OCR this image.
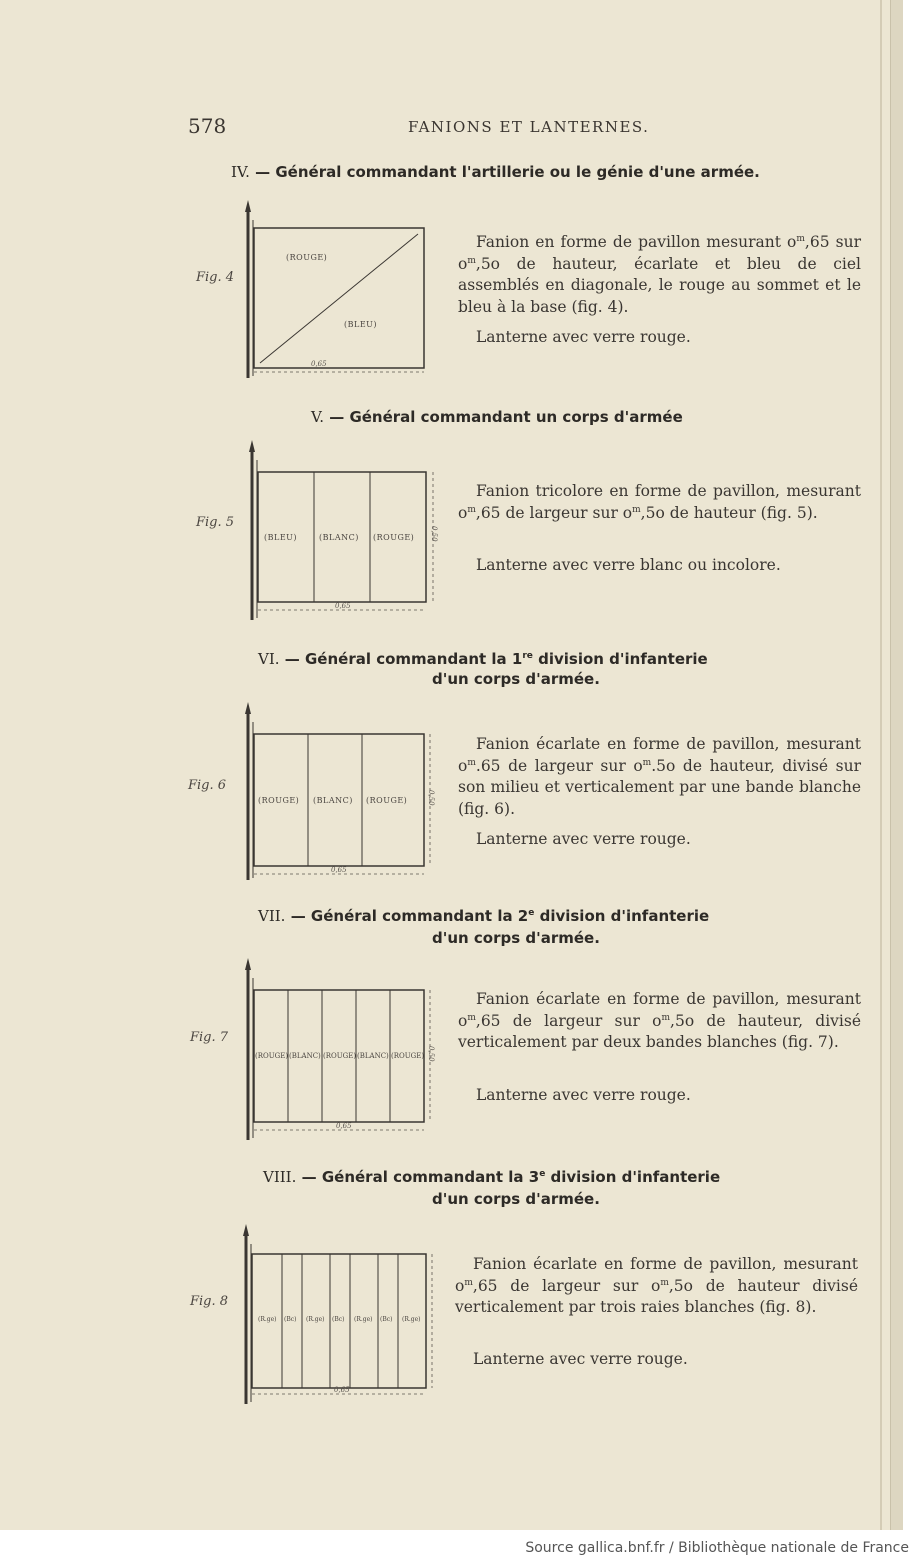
578	FANIONS ET LANTERNES.
IV. — Général commandant l'artillerie ou le génie d'une armée.
Fig. 4
(ROUGE)
(BLEU)
0,65
Fanion en forme de pavillon mesurant $o^m,65$ sur $o^m,5o$ de hauteur, écarlate et bleu de ciel assemblés en diagonale, le rouge au sommet et le bleu à la base (fig. 4).
Lanterne avec verre rouge.
V. — Général commandant un corps d'armée
Fig. 5
(BLEU)	(BLANC) (ROUGE)
0,65
0,50
Fanion tricolore en forme de pavillon, mesurant $o^m,65$ de largeur sur $o^m,5o$ de hauteur (fig. 5).
Lanterne avec verre blanc ou incolore.
VI. — Général commandant la 1re division d'infanterie
d'un corps d'armée.
Fig. 6
(ROUGE) (BLANC) (ROUGE)
0,65
0,50
Fanion écarlate en forme de pavillon, mesurant $o^m.65$ de largeur sur $o^m.5o$ de hauteur, divisé sur son milieu et verticalement par une bande blanche (fig. 6).
Lanterne avec verre rouge.
VII. — Général commandant la 2e division d'infanterie
d'un corps d'armée.
Fig. 7
(ROUGE) (BLANC) (ROUGE) (BLANC) (ROUGE)
0,65
0,50
Fanion écarlate en forme de pavillon, mesurant $o^m,65$ de largeur sur $o^m,5o$ de hauteur, divisé verticalement par deux bandes blanches (fig. 7).
Lanterne avec verre rouge.
VIII. — Général commandant la 3e division d'infanterie
d'un corps d'armée.
Fig. 8
(R.ge) (Bc) (R.ge) (Bc) (R.ge) (Bc) (R.ge)
0,65
Fanion écarlate en forme de pavillon, mesurant $o^m,65$ de largeur sur $o^m,5o$ de hauteur divisé verticalement par trois raies blanches (fig. 8).
Lanterne avec verre rouge.
Source gallica.bnf.fr / Bibliothèque nationale de France
